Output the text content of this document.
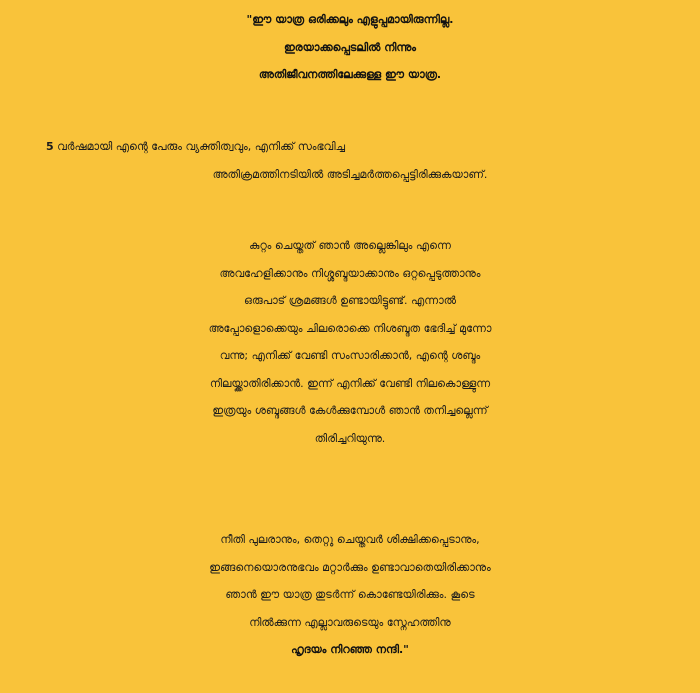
"ഈ യാത്ര ഒരിക്കലും എളുപ്പമായിരുന്നില്ല.
ഇരയാക്കപ്പെടലിൽ നിന്നും
അതിജീവനത്തിലേക്കുള്ള ഈ യാത്ര.
5 വർഷമായി എന്റെ പേരും വ്യക്തിത്വവും, എനിക്ക് സംഭവിച്ച
അതിക്രമത്തിനടിയിൽ അടിച്ചമർത്തപ്പെട്ടിരിക്കുകയാണ്.
കുറ്റം ചെയ്തത് ഞാൻ അല്ലെങ്കിലും എന്നെ
അവഹേളിക്കാനും നിശ്ശബ്ദയാക്കാനും ഒറ്റപ്പെടുത്താനും
ഒരുപാട് ശ്രമങ്ങൾ ഉണ്ടായിട്ടുണ്ട്. എന്നാൽ
അപ്പോളൊക്കെയും ചിലരൊക്കെ നിശബ്ദത ഭേദിച്ച് മുന്നോ
വന്നു; എനിക്ക് വേണ്ടി സംസാരിക്കാൻ, എന്റെ ശബ്ദം
നിലയ്ക്കാതിരിക്കാൻ. ഇന്ന് എനിക്ക് വേണ്ടി നിലകൊള്ളുന്ന
ഇത്രയും ശബ്ദങ്ങൾ കേൾക്കുമ്പോൾ ഞാൻ തനിച്ചല്ലെന്ന്
തിരിച്ചറിയുന്നു.
നീതി പുലരാനും, തെറ്റു ചെയ്തവർ ശിക്ഷിക്കപ്പെടാനും,
ഇങ്ങനെയൊരനുഭവം മറ്റാർക്കും ഉണ്ടാവാതെയിരിക്കാനും
ഞാൻ ഈ യാത്ര തുടർന്ന് കൊണ്ടേയിരിക്കും. കൂടെ
നിൽക്കുന്ന എല്ലാവരുടെയും സ്നേഹത്തിനു
ഹൃദയം നിറഞ്ഞ നന്ദി."
